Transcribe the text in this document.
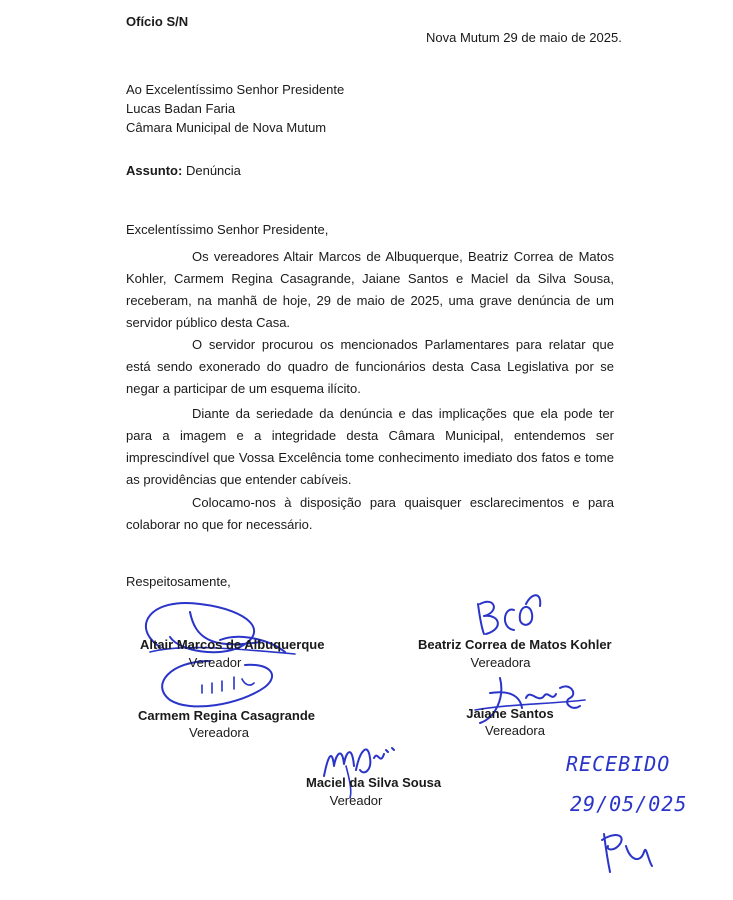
Ofício S/N
Nova Mutum 29 de maio de 2025.
Ao Excelentíssimo Senhor Presidente
Lucas Badan Faria
Câmara Municipal de Nova Mutum
Assunto: Denúncia
Excelentíssimo Senhor Presidente,
Os vereadores Altair Marcos de Albuquerque, Beatriz Correa de Matos Kohler, Carmem Regina Casagrande, Jaiane Santos e Maciel da Silva Sousa, receberam, na manhã de hoje, 29 de maio de 2025, uma grave denúncia de um servidor público desta Casa.
O servidor procurou os mencionados Parlamentares para relatar que está sendo exonerado do quadro de funcionários desta Casa Legislativa por se negar a participar de um esquema ilícito.
Diante da seriedade da denúncia e das implicações que ela pode ter para a imagem e a integridade desta Câmara Municipal, entendemos ser imprescindível que Vossa Excelência tome conhecimento imediato dos fatos e tome as providências que entender cabíveis.
Colocamo-nos à disposição para quaisquer esclarecimentos e para colaborar no que for necessário.
Respeitosamente,
Altair Marcos de Albuquerque
Vereador
Beatriz Correa de Matos Kohler
Vereadora
Carmem Regina Casagrande
Vereadora
Jaiane Santos
Vereadora
Maciel da Silva Sousa
Vereador
RECEBIDO
29/05/025
